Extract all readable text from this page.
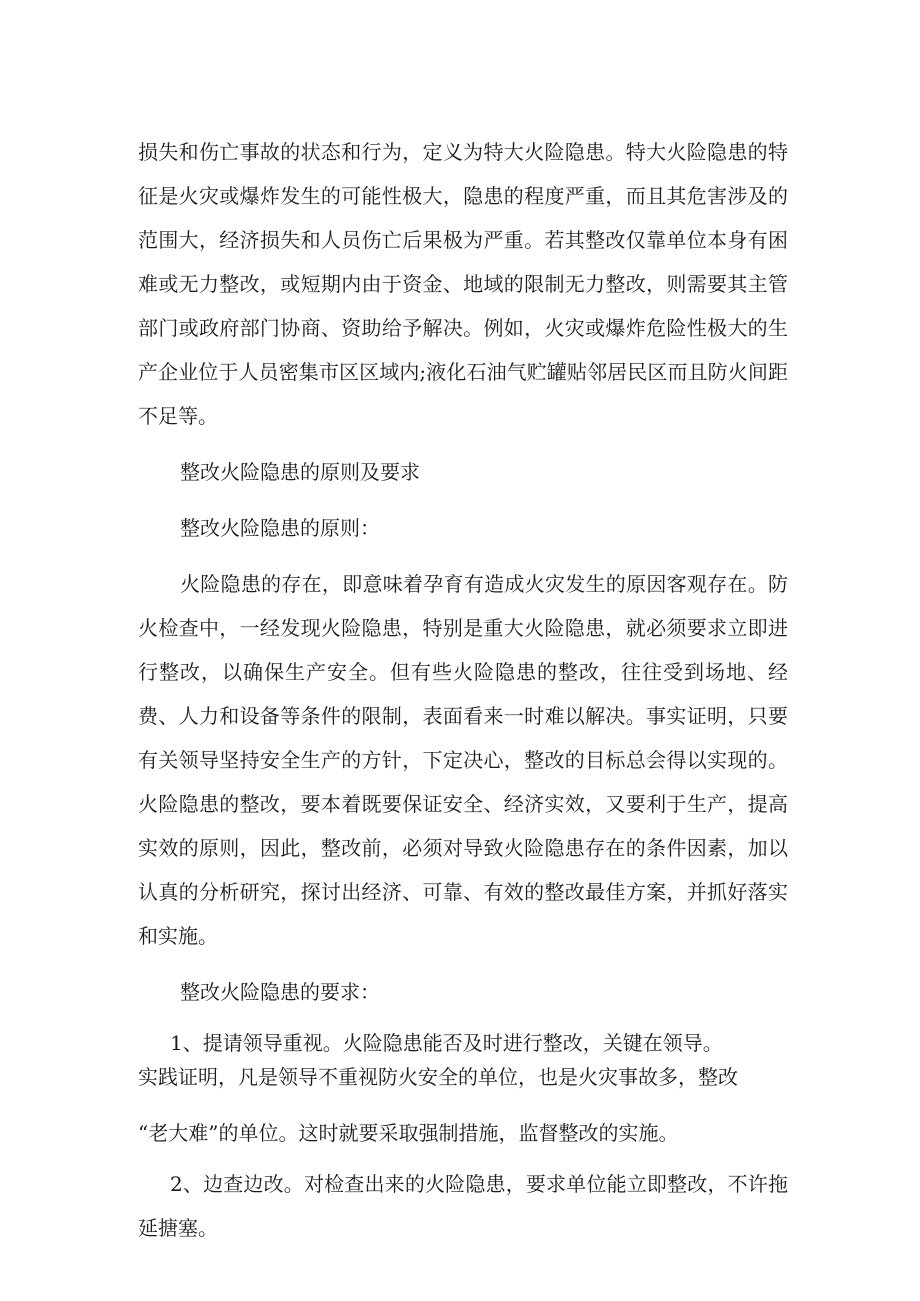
损失和伤亡事故的状态和行为，定义为特大火险隐患。特大火险隐患的特征是火灾或爆炸发生的可能性极大，隐患的程度严重，而且其危害涉及的范围大，经济损失和人员伤亡后果极为严重。若其整改仅靠单位本身有困难或无力整改，或短期内由于资金、地域的限制无力整改，则需要其主管部门或政府部门协商、资助给予解决。例如，火灾或爆炸危险性极大的生产企业位于人员密集市区区域内;液化石油气贮罐贴邻居民区而且防火间距不足等。

整改火险隐患的原则及要求

整改火险隐患的原则：

火险隐患的存在，即意味着孕育有造成火灾发生的原因客观存在。防火检查中，一经发现火险隐患，特别是重大火险隐患，就必须要求立即进行整改，以确保生产安全。但有些火险隐患的整改，往往受到场地、经费、人力和设备等条件的限制，表面看来一时难以解决。事实证明，只要有关领导坚持安全生产的方针，下定决心，整改的目标总会得以实现的。火险隐患的整改，要本着既要保证安全、经济实效，又要利于生产，提高实效的原则，因此，整改前，必须对导致火险隐患存在的条件因素，加以认真的分析研究，探讨出经济、可靠、有效的整改最佳方案，并抓好落实和实施。

整改火险隐患的要求：

1、提请领导重视。火险隐患能否及时进行整改，关键在领导。
实践证明，凡是领导不重视防火安全的单位，也是火灾事故多，整改
“老大难”的单位。这时就要采取强制措施，监督整改的实施。

2、边查边改。对检查出来的火险隐患，要求单位能立即整改，不许拖延搪塞。
